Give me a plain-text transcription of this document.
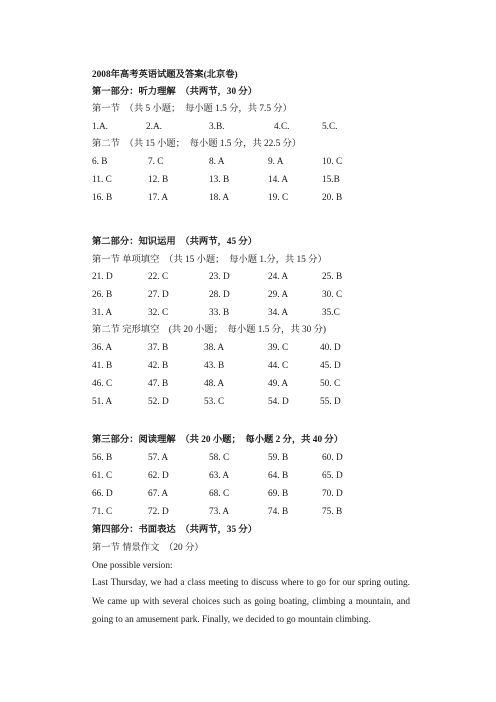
2008年高考英语试题及答案(北京卷)
第一部分：听力理解　（共两节，30 分）
第一节　（共 5 小题；　每小题 1.5 分，共 7.5 分）
1.A.	2.A.	3.B.	4.C.	5.C.
第二节　（共 15 小题；　每小题 1.5 分，共 22.5 分）
6. B	7. C	8. A	9. A	10. C
11. C	12. B	13. B	14. A	15.B
16. B	17. A	18. A	19. C	20. B
第二部分：知识运用　（共两节，45 分）
第一节 单项填空　（共 15 小题；　每小题 1.分，共 15 分）
21. D	22. C	23. D	24. A	25. B
26. B	27. D	28. D	29. A	30. C
31. A	32. C	33. B	34. A	35.C
第二节 完形填空　(共 20 小题；　每小题 1.5 分，共 30 分)
36. A	37. B	38. A	39. C	40. D
41. B	42. B	43. B	44. C	45. D
46. C	47. B	48. A	49. A	50. C
51. A	52. D	53. C	54. D	55. D
第三部分：阅读理解　（共 20 小题；　每小题 2 分，共 40 分）
56. B	57. A	58. C	59. B	60. D
61. C	62. D	63. A	64. B	65. D
66. D	67. A	68. C	69. B	70. D
71. C	72. D	73. A	74. B	75. B
第四部分：书面表达　（共两节，35 分）
第一节 情景作文　（20 分）
One possible version:
Last Thursday, we had a class meeting to discuss where to go for our spring outing. We came up with several choices such as going boating, climbing a mountain, and going to an amusement park. Finally, we decided to go mountain climbing.
